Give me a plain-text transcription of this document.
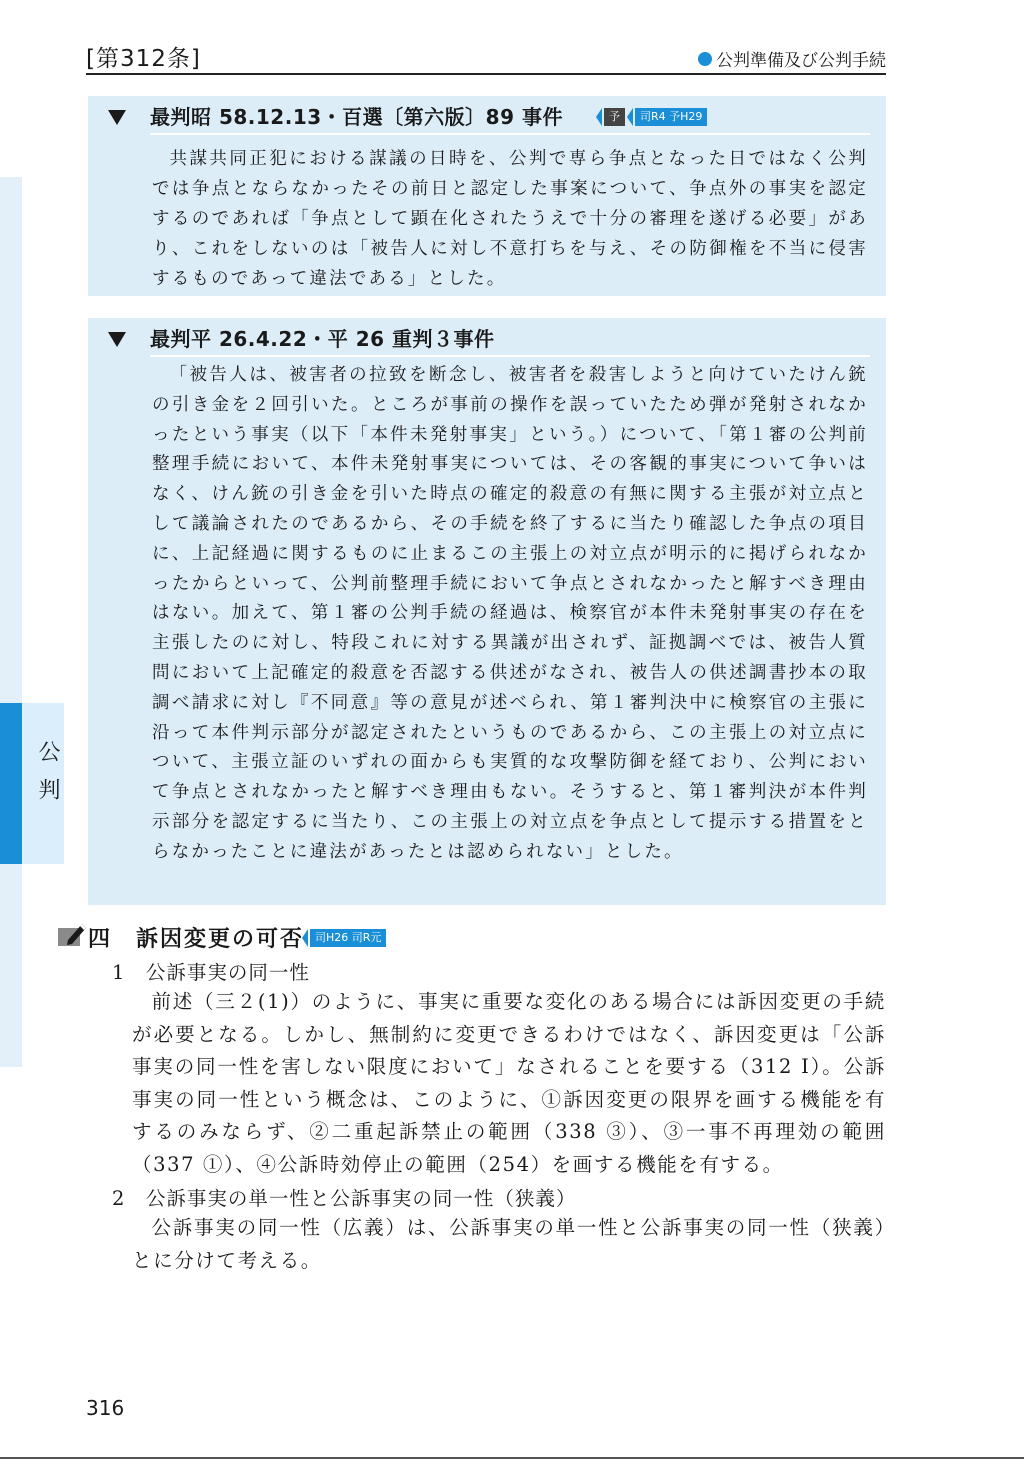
[第312条]	公判準備及び公判手続
公判
最判昭 58.12.13・百選〔第六版〕89 事件	予	司R4 予H29

共謀共同正犯における謀議の日時を、公判で専ら争点となった日ではなく公判では争点とならなかったその前日と認定した事案について、争点外の事実を認定するのであれば「争点として顕在化されたうえで十分の審理を遂げる必要」があり、これをしないのは「被告人に対し不意打ちを与え、その防御権を不当に侵害するものであって違法である」とした。

最判平 26.4.22・平 26 重判３事件

「被告人は、被害者の拉致を断念し、被害者を殺害しようと向けていたけん銃の引き金を２回引いた。ところが事前の操作を誤っていたため弾が発射されなかったという事実（以下「本件未発射事実」という。）について、「第１審の公判前整理手続において、本件未発射事実については、その客観的事実について争いはなく、けん銃の引き金を引いた時点の確定的殺意の有無に関する主張が対立点として議論されたのであるから、その手続を終了するに当たり確認した争点の項目に、上記経過に関するものに止まるこの主張上の対立点が明示的に掲げられなかったからといって、公判前整理手続において争点とされなかったと解すべき理由はない。加えて、第１審の公判手続の経過は、検察官が本件未発射事実の存在を主張したのに対し、特段これに対する異議が出されず、証拠調べでは、被告人質問において上記確定的殺意を否認する供述がなされ、被告人の供述調書抄本の取調べ請求に対し『不同意』等の意見が述べられ、第１審判決中に検察官の主張に沿って本件判示部分が認定されたというものであるから、この主張上の対立点について、主張立証のいずれの面からも実質的な攻撃防御を経ており、公判において争点とされなかったと解すべき理由もない。そうすると、第１審判決が本件判示部分を認定するに当たり、この主張上の対立点を争点として提示する措置をとらなかったことに違法があったとは認められない」とした。

四　訴因変更の可否 司H26 司R元
1　公訴事実の同一性

前述（三２(1)）のように、事実に重要な変化のある場合には訴因変更の手続が必要となる。しかし、無制約に変更できるわけではなく、訴因変更は「公訴事実の同一性を害しない限度において」なされることを要する（312 Ⅰ）。公訴事実の同一性という概念は、このように、①訴因変更の限界を画する機能を有するのみならず、②二重起訴禁止の範囲（338 ③）、③一事不再理効の範囲（337 ①）、④公訴時効停止の範囲（254）を画する機能を有する。

2　公訴事実の単一性と公訴事実の同一性（狭義）

公訴事実の同一性（広義）は、公訴事実の単一性と公訴事実の同一性（狭義）とに分けて考える。

316
